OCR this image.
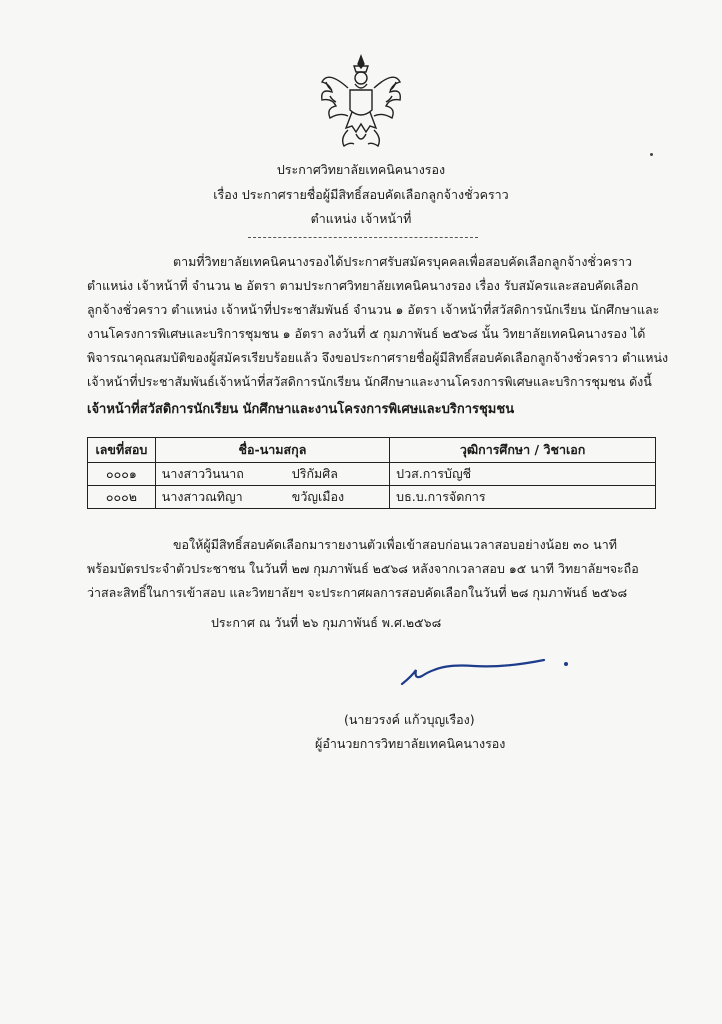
ประกาศวิทยาลัยเทคนิคนางรอง
เรื่อง ประกาศรายชื่อผู้มีสิทธิ์สอบคัดเลือกลูกจ้างชั่วคราว
ตำแหน่ง เจ้าหน้าที่
ตามที่วิทยาลัยเทคนิคนางรองได้ประกาศรับสมัครบุคคลเพื่อสอบคัดเลือกลูกจ้างชั่วคราว
ตำแหน่ง เจ้าหน้าที่ จำนวน ๒ อัตรา ตามประกาศวิทยาลัยเทคนิคนางรอง เรื่อง รับสมัครและสอบคัดเลือก
ลูกจ้างชั่วคราว ตำแหน่ง เจ้าหน้าที่ประชาสัมพันธ์ จำนวน ๑ อัตรา เจ้าหน้าที่สวัสดิการนักเรียน นักศึกษาและ
งานโครงการพิเศษและบริการชุมชน ๑ อัตรา ลงวันที่ ๕ กุมภาพันธ์ ๒๕๖๘ นั้น วิทยาลัยเทคนิคนางรอง ได้
พิจารณาคุณสมบัติของผู้สมัครเรียบร้อยแล้ว จึงขอประกาศรายชื่อผู้มีสิทธิ์สอบคัดเลือกลูกจ้างชั่วคราว ตำแหน่ง
เจ้าหน้าที่ประชาสัมพันธ์เจ้าหน้าที่สวัสดิการนักเรียน นักศึกษาและงานโครงการพิเศษและบริการชุมชน ดังนี้
เจ้าหน้าที่สวัสดิการนักเรียน นักศึกษาและงานโครงการพิเศษและบริการชุมชน
เลขที่สอบ	ชื่อ-นามสกุล	วุฒิการศึกษา / วิชาเอก
๐๐๐๑	นางสาววินนาถ ปริกัมศิล	ปวส.การบัญชี
๐๐๐๒	นางสาวณทิญา ขวัญเมือง	บธ.บ.การจัดการ
ขอให้ผู้มีสิทธิ์สอบคัดเลือกมารายงานตัวเพื่อเข้าสอบก่อนเวลาสอบอย่างน้อย ๓๐ นาที
พร้อมบัตรประจำตัวประชาชน ในวันที่ ๒๗ กุมภาพันธ์ ๒๕๖๘ หลังจากเวลาสอบ ๑๕ นาที วิทยาลัยฯจะถือ
ว่าสละสิทธิ์ในการเข้าสอบ และวิทยาลัยฯ จะประกาศผลการสอบคัดเลือกในวันที่ ๒๘ กุมภาพันธ์ ๒๕๖๘
ประกาศ ณ วันที่ ๒๖ กุมภาพันธ์ พ.ศ.๒๕๖๘
(นายวรงค์ แก้วบุญเรือง)
ผู้อำนวยการวิทยาลัยเทคนิคนางรอง
